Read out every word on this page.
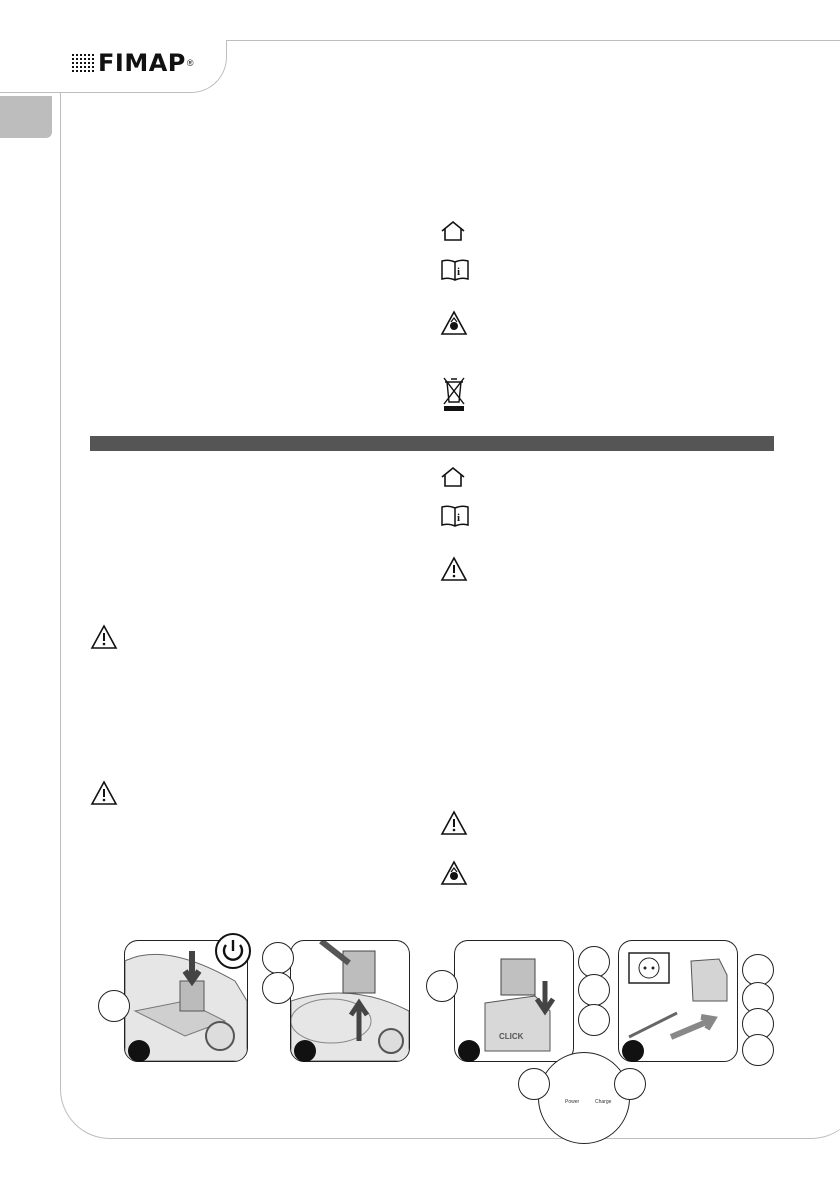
FIMAP ®
i
i
CLICK
Power	Charge
